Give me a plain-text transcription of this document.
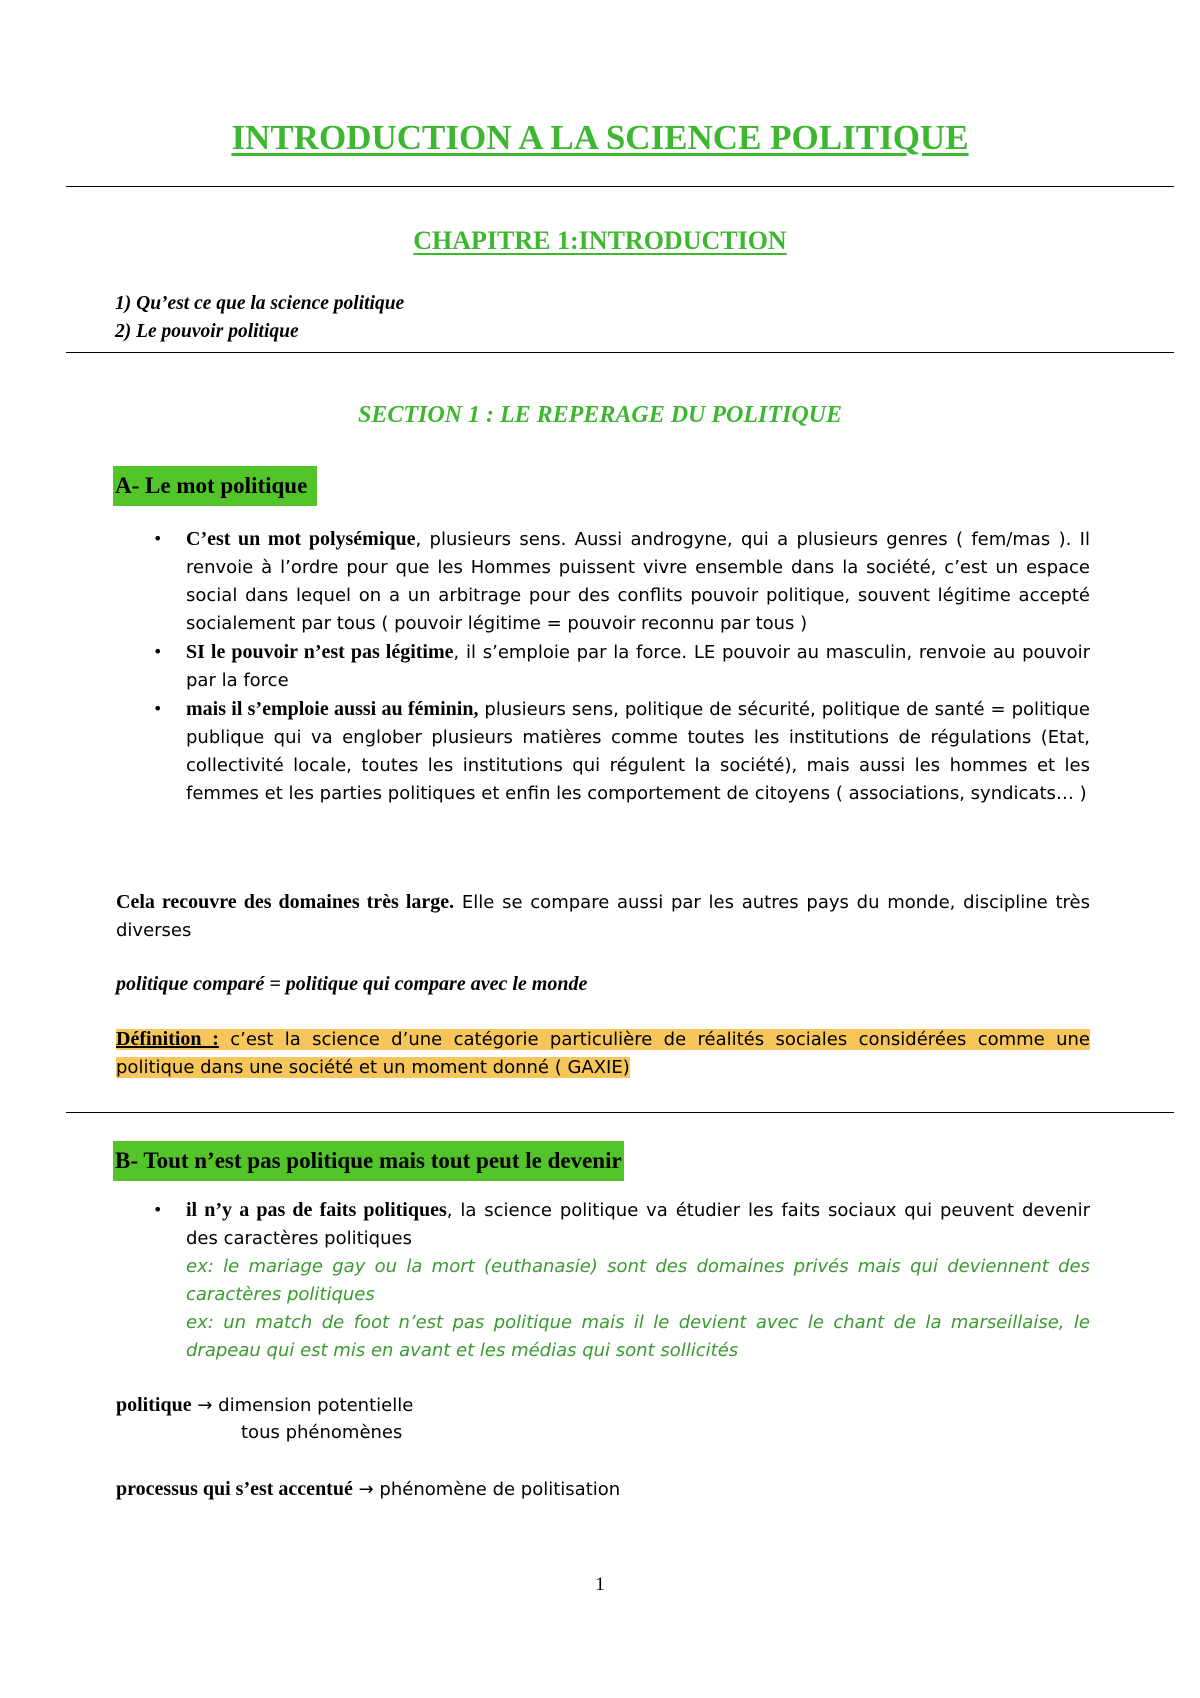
INTRODUCTION A LA SCIENCE POLITIQUE
CHAPITRE 1:INTRODUCTION
1) Qu’est ce que la science politique
2) Le pouvoir politique
SECTION 1 : LE REPERAGE DU POLITIQUE
A- Le mot politique
• C’est un mot polysémique, plusieurs sens. Aussi androgyne, qui a plusieurs genres ( fem/mas ). Il renvoie à l’ordre pour que les Hommes puissent vivre ensemble dans la société, c’est un espace social dans lequel on a un arbitrage pour des conflits pouvoir politique, souvent légitime accepté socialement par tous ( pouvoir légitime = pouvoir reconnu par tous )
• SI le pouvoir n’est pas légitime, il s’emploie par la force. LE pouvoir au masculin, renvoie au pouvoir par la force
• mais il s’emploie aussi au féminin, plusieurs sens, politique de sécurité, politique de santé = politique publique qui va englober plusieurs matières comme toutes les institutions de régulations (Etat, collectivité locale, toutes les institutions qui régulent la société), mais aussi les hommes et les femmes et les parties politiques et enfin les comportement de citoyens ( associations, syndicats… )

Cela recouvre des domaines très large. Elle se compare aussi par les autres pays du monde, discipline très diverses

politique comparé = politique qui compare avec le monde

Définition : c’est la science d’une catégorie particulière de réalités sociales considérées comme une politique dans une société et un moment donné ( GAXIE)

B- Tout n’est pas politique mais tout peut le devenir
• il n’y a pas de faits politiques, la science politique va étudier les faits sociaux qui peuvent devenir des caractères politiques
ex: le mariage gay ou la mort (euthanasie) sont des domaines privés mais qui deviennent des caractères politiques
ex: un match de foot n’est pas politique mais il le devient avec le chant de la marseillaise, le drapeau qui est mis en avant et les médias qui sont sollicités

politique → dimension potentielle

tous phénomènes

processus qui s’est accentué → phénomène de politisation

1
